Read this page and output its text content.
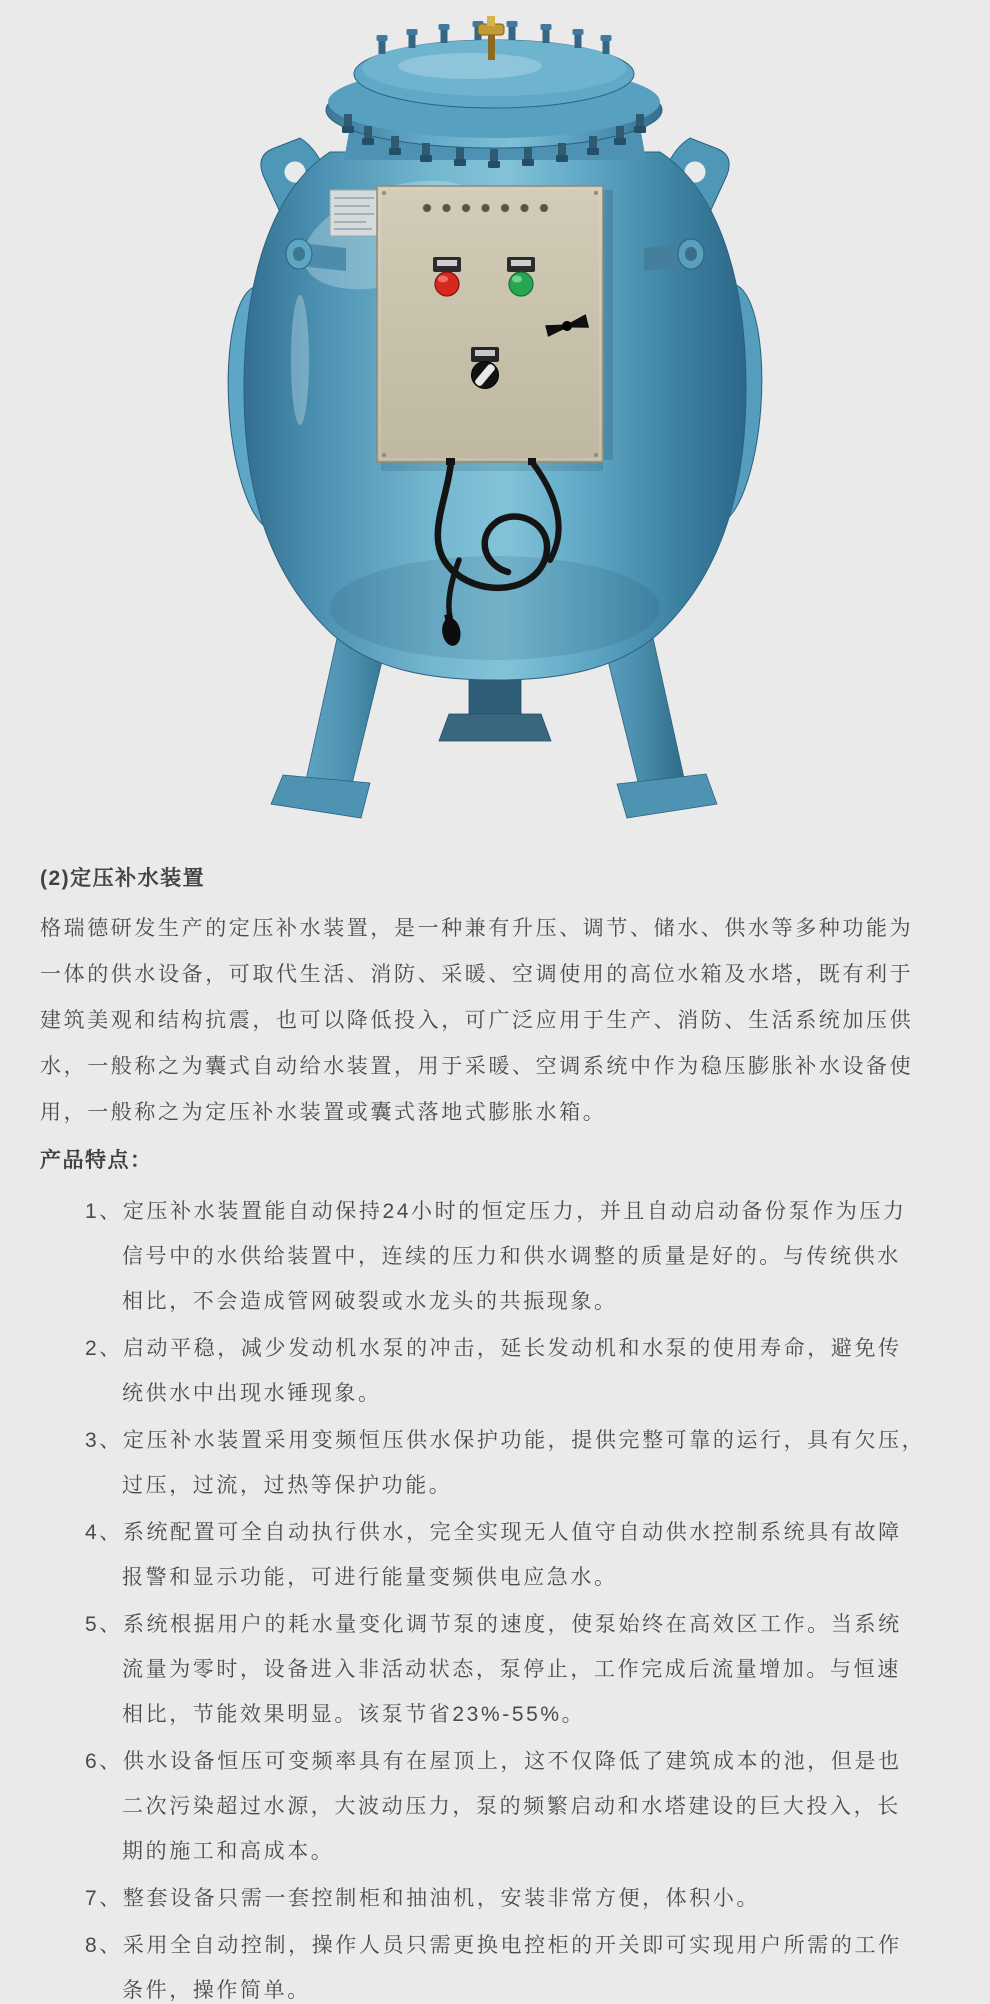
(2)定压补水装置
格瑞德研发生产的定压补水装置，是一种兼有升压、调节、储水、供水等多种功能为
一体的供水设备，可取代生活、消防、采暖、空调使用的高位水箱及水塔，既有利于
建筑美观和结构抗震，也可以降低投入，可广泛应用于生产、消防、生活系统加压供
水，一般称之为囊式自动给水装置，用于采暖、空调系统中作为稳压膨胀补水设备使
用，一般称之为定压补水装置或囊式落地式膨胀水箱。
产品特点：
1、定压补水装置能自动保持24小时的恒定压力，并且自动启动备份泵作为压力
信号中的水供给装置中，连续的压力和供水调整的质量是好的。与传统供水
相比，不会造成管网破裂或水龙头的共振现象。
2、启动平稳，减少发动机水泵的冲击，延长发动机和水泵的使用寿命，避免传
统供水中出现水锤现象。
3、定压补水装置采用变频恒压供水保护功能，提供完整可靠的运行，具有欠压，
过压，过流，过热等保护功能。
4、系统配置可全自动执行供水，完全实现无人值守自动供水控制系统具有故障
报警和显示功能，可进行能量变频供电应急水。
5、系统根据用户的耗水量变化调节泵的速度，使泵始终在高效区工作。当系统
流量为零时，设备进入非活动状态，泵停止，工作完成后流量增加。与恒速
相比，节能效果明显。该泵节省23%-55%。
6、供水设备恒压可变频率具有在屋顶上，这不仅降低了建筑成本的池，但是也
二次污染超过水源，大波动压力，泵的频繁启动和水塔建设的巨大投入，长
期的施工和高成本。
7、整套设备只需一套控制柜和抽油机，安装非常方便，体积小。
8、采用全自动控制，操作人员只需更换电控柜的开关即可实现用户所需的工作
条件，操作简单。
